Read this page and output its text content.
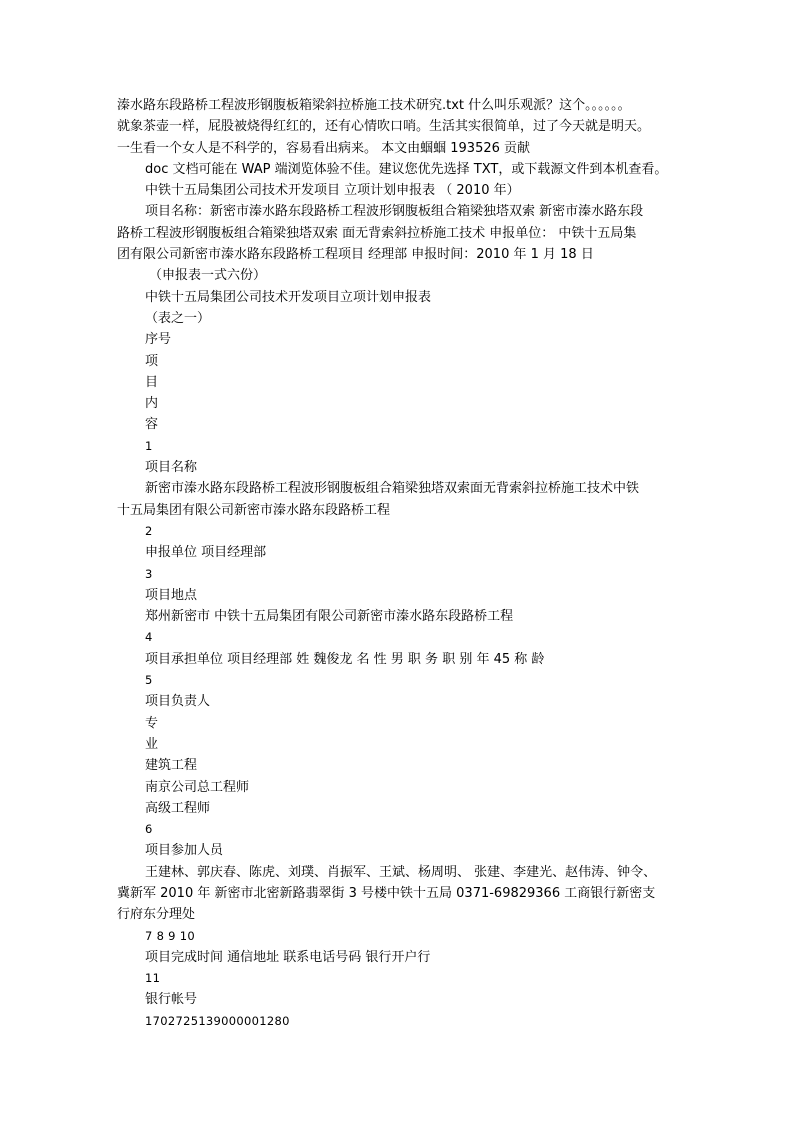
溱水路东段路桥工程波形钢腹板箱梁斜拉桥施工技术研究.txt 什么叫乐观派？这个。。。。。。
就象茶壶一样，屁股被烧得红红的，还有心情吹口哨。生活其实很简单，过了今天就是明天。
一生看一个女人是不科学的，容易看出病来。 本文由蝈蝈 193526 贡献
doc 文档可能在 WAP 端浏览体验不佳。建议您优先选择 TXT，或下载源文件到本机查看。
中铁十五局集团公司技术开发项目 立项计划申报表 （ 2010 年）
项目名称：新密市溱水路东段路桥工程波形钢腹板组合箱梁独塔双索 新密市溱水路东段
路桥工程波形钢腹板组合箱梁独塔双索 面无背索斜拉桥施工技术 申报单位： 中铁十五局集
团有限公司新密市溱水路东段路桥工程项目 经理部 申报时间：2010 年 1 月 18 日
（申报表一式六份）
中铁十五局集团公司技术开发项目立项计划申报表
（表之一）
序号
项
目
内
容
1
项目名称
新密市溱水路东段路桥工程波形钢腹板组合箱梁独塔双索面无背索斜拉桥施工技术中铁
十五局集团有限公司新密市溱水路东段路桥工程
2
申报单位 项目经理部
3
项目地点
郑州新密市 中铁十五局集团有限公司新密市溱水路东段路桥工程
4
项目承担单位 项目经理部 姓 魏俊龙 名 性 男 职 务 职 别 年 45 称 龄
5
项目负责人
专
业
建筑工程
南京公司总工程师
高级工程师
6
项目参加人员
王建林、郭庆春、陈虎、刘璞、肖振军、王斌、杨周明、 张建、李建光、赵伟涛、钟令、
冀新军 2010 年 新密市北密新路翡翠街 3 号楼中铁十五局 0371-69829366 工商银行新密支
行府东分理处
7 8 9 10
项目完成时间 通信地址 联系电话号码 银行开户行
11
银行帐号
1702725139000001280
